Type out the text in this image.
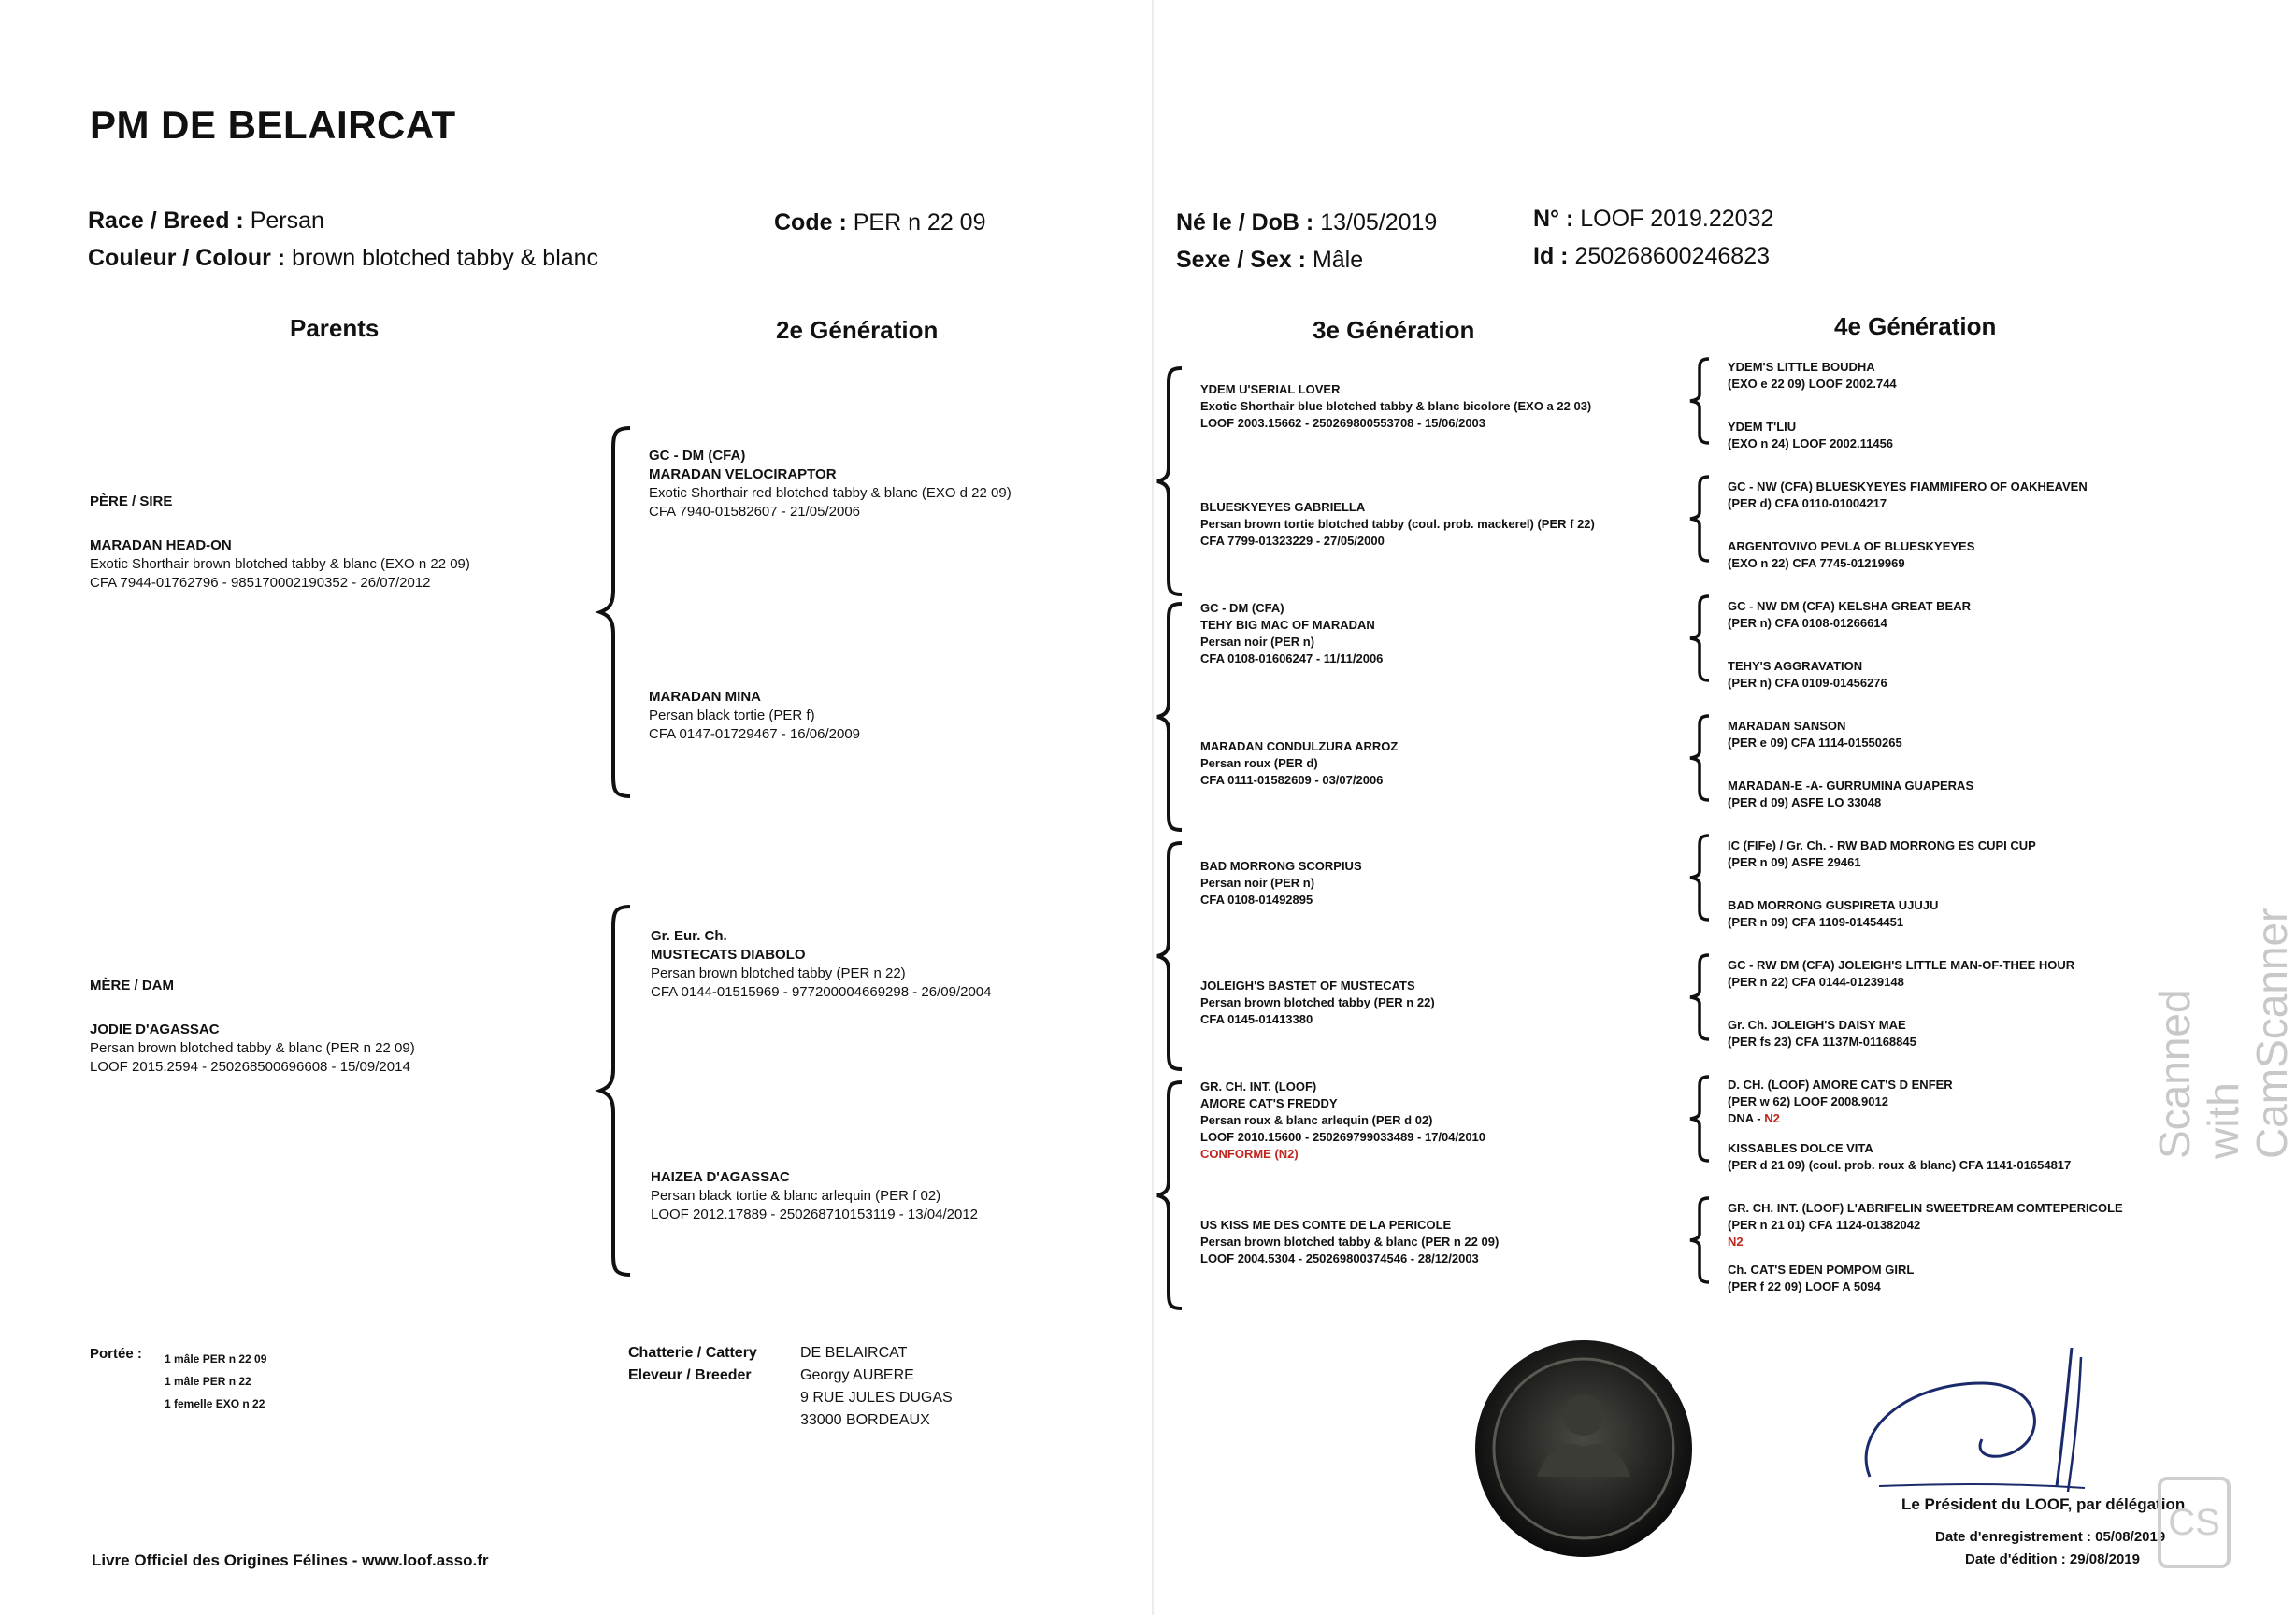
PM DE BELAIRCAT
Race / Breed : Persan	Code : PER n 22 09
Couleur / Colour : brown blotched tabby & blanc
Né le / DoB : 13/05/2019	N° : LOOF 2019.22032
Sexe / Sex : Mâle	Id : 250268600246823
Parents	2e Génération	3e Génération	4e Génération
PÈRE / SIRE
MARADAN HEAD-ON
Exotic Shorthair brown blotched tabby & blanc (EXO n 22 09)
CFA 7944-01762796 - 985170002190352 - 26/07/2012
MÈRE / DAM
JODIE D'AGASSAC
Persan brown blotched tabby & blanc (PER n 22 09)
LOOF 2015.2594 - 250268500696608 - 15/09/2014
GC - DM (CFA)
MARADAN VELOCIRAPTOR
Exotic Shorthair red blotched tabby & blanc (EXO d 22 09)
CFA 7940-01582607 - 21/05/2006
MARADAN MINA
Persan black tortie (PER f)
CFA 0147-01729467 - 16/06/2009
Gr. Eur. Ch.
MUSTECATS DIABOLO
Persan brown blotched tabby (PER n 22)
CFA 0144-01515969 - 977200004669298 - 26/09/2004
HAIZEA D'AGASSAC
Persan black tortie & blanc arlequin (PER f 02)
LOOF 2012.17889 - 250268710153119 - 13/04/2012
YDEM U'SERIAL LOVER
Exotic Shorthair blue blotched tabby & blanc bicolore (EXO a 22 03)
LOOF 2003.15662 - 250269800553708 - 15/06/2003
BLUESKYEYES GABRIELLA
Persan brown tortie blotched tabby (coul. prob. mackerel) (PER f 22)
CFA 7799-01323229 - 27/05/2000
GC - DM (CFA)
TEHY BIG MAC OF MARADAN
Persan noir (PER n)
CFA 0108-01606247 - 11/11/2006
MARADAN CONDULZURA ARROZ
Persan roux (PER d)
CFA 0111-01582609 - 03/07/2006
BAD MORRONG SCORPIUS
Persan noir (PER n)
CFA 0108-01492895
JOLEIGH'S BASTET OF MUSTECATS
Persan brown blotched tabby (PER n 22)
CFA 0145-01413380
GR. CH. INT. (LOOF)
AMORE CAT'S FREDDY
Persan roux & blanc arlequin (PER d 02)
LOOF 2010.15600 - 250269799033489 - 17/04/2010
CONFORME (N2)
US KISS ME DES COMTE DE LA PERICOLE
Persan brown blotched tabby & blanc (PER n 22 09)
LOOF 2004.5304 - 250269800374546 - 28/12/2003
YDEM'S LITTLE BOUDHA
(EXO e 22 09) LOOF 2002.744
YDEM T'LIU
(EXO n 24) LOOF 2002.11456
GC - NW (CFA) BLUESKYEYES FIAMMIFERO OF OAKHEAVEN
(PER d) CFA 0110-01004217
ARGENTOVIVO PEVLA OF BLUESKYEYES
(EXO n 22) CFA 7745-01219969
GC - NW DM (CFA) KELSHA GREAT BEAR
(PER n) CFA 0108-01266614
TEHY'S AGGRAVATION
(PER n) CFA 0109-01456276
MARADAN SANSON
(PER e 09) CFA 1114-01550265
MARADAN-E -A- GURRUMINA GUAPERAS
(PER d 09) ASFE LO 33048
IC (FIFe) / Gr. Ch. - RW BAD MORRONG ES CUPI CUP
(PER n 09) ASFE 29461
BAD MORRONG GUSPIRETA UJUJU
(PER n 09) CFA 1109-01454451
GC - RW DM (CFA) JOLEIGH'S LITTLE MAN-OF-THEE HOUR
(PER n 22) CFA 0144-01239148
Gr. Ch. JOLEIGH'S DAISY MAE
(PER fs 23) CFA 1137M-01168845
D. CH. (LOOF) AMORE CAT'S D ENFER
(PER w 62) LOOF 2008.9012
DNA - N2
KISSABLES DOLCE VITA
(PER d 21 09) (coul. prob. roux & blanc) CFA 1141-01654817
GR. CH. INT. (LOOF) L'ABRIFELIN SWEETDREAM COMTEPERICOLE
(PER n 21 01) CFA 1124-01382042
N2
Ch. CAT'S EDEN POMPOM GIRL
(PER f 22 09) LOOF A 5094
Portée : 1 mâle PER n 22 09
1 mâle PER n 22
1 femelle EXO n 22
Chatterie / Cattery
Eleveur / Breeder
DE BELAIRCAT
Georgy AUBERE
9 RUE JULES DUGAS
33000 BORDEAUX
Livre Officiel des Origines Félines - www.loof.asso.fr
Le Président du LOOF, par délégation
Date d'enregistrement : 05/08/2019
Date d'édition : 29/08/2019
Scanned with CamScanner
CS
